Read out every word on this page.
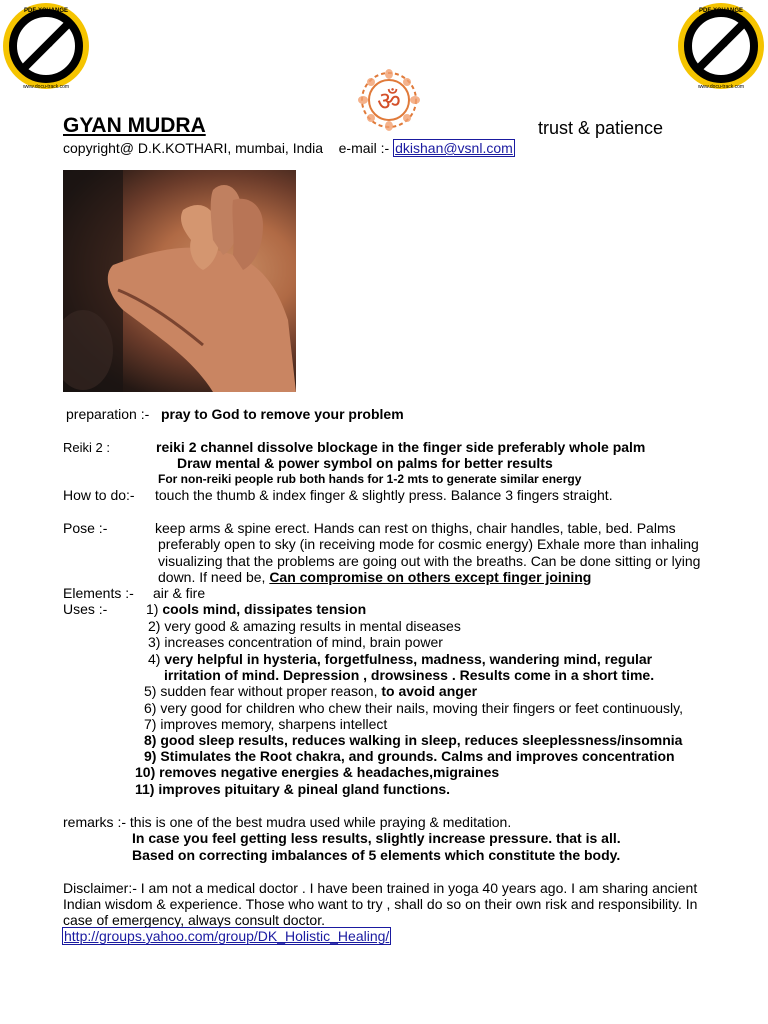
PDF-XCHANGE
www.docu-track.com
Click to buy NOW!
PDF-XCHANGE
www.docu-track.com
Click to buy NOW!
ॐ
GYAN MUDRA	trust & patience
copyright@ D.K.KOTHARI, mumbai, India e-mail :- dkishan@vsnl.com
preparation :- pray to God to remove your problem
Reiki 2 :	reiki 2 channel dissolve blockage in the finger side preferably whole palm
Draw mental & power symbol on palms for better results
For non-reiki people rub both hands for 1-2 mts to generate similar energy
How to do:- touch the thumb & index finger & slightly press. Balance 3 fingers straight.
Pose :-	keep arms & spine erect. Hands can rest on thighs, chair handles, table, bed. Palms
preferably open to sky (in receiving mode for cosmic energy) Exhale more than inhaling
visualizing that the problems are going out with the breaths. Can be done sitting or lying
down. If need be, Can compromise on others except finger joining
Elements :- air & fire
Uses :-	1) cools mind, dissipates tension
2) very good & amazing results in mental diseases
3) increases concentration of mind, brain power
4) very helpful in hysteria, forgetfulness, madness, wandering mind, regular
irritation of mind. Depression , drowsiness . Results come in a short time.
5) sudden fear without proper reason, to avoid anger
6) very good for children who chew their nails, moving their fingers or feet continuously,
7) improves memory, sharpens intellect
8) good sleep results, reduces walking in sleep, reduces sleeplessness/insomnia
9) Stimulates the Root chakra, and grounds. Calms and improves concentration
10) removes negative energies & headaches,migraines
11) improves pituitary & pineal gland functions.
remarks :- this is one of the best mudra used while praying & meditation.
In case you feel getting less results, slightly increase pressure. that is all.
Based on correcting imbalances of 5 elements which constitute the body.
Disclaimer:- I am not a medical doctor . I have been trained in yoga 40 years ago. I am sharing ancient
Indian wisdom & experience. Those who want to try , shall do so on their own risk and responsibility. In
case of emergency, always consult doctor.
http://groups.yahoo.com/group/DK_Holistic_Healing/
